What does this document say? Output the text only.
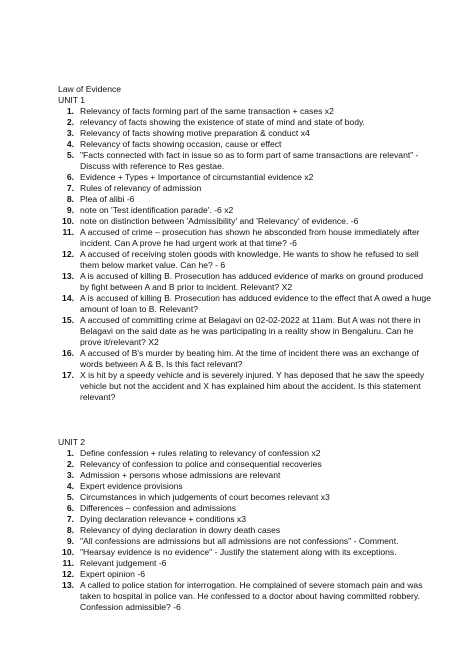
Law of Evidence
UNIT 1
1. Relevancy of facts forming part of the same transaction + cases x2
2. relevancy of facts showing the existence of state of mind and state of body.
3. Relevancy of facts showing motive preparation & conduct x4
4. Relevancy of facts showing occasion, cause or effect
5. "Facts connected with fact in issue so as to form part of same transactions are relevant" - Discuss with reference to Res gestae.
6. Evidence + Types + Importance of circumstantial evidence x2
7. Rules of relevancy of admission
8. Plea of alibi -6
9. note on 'Test identification parade'. -6 x2
10. note on distinction between 'Admissibility' and 'Relevancy' of evidence. -6
11. A accused of crime – prosecution has shown he absconded from house immediately after incident. Can A prove he had urgent work at that time? -6
12. A accused of receiving stolen goods with knowledge. He wants to show he refused to sell them below market value. Can he? - 6
13. A is accused of killing B. Prosecution has adduced evidence of marks on ground produced by fight between A and B prior to incident. Relevant? X2
14. A is accused of killing B. Prosecution has adduced evidence to the effect that A owed a huge amount of loan to B. Relevant?
15. A accused of committing crime at Belagavi on 02-02-2022 at 11am. But A was not there in Belagavi on the said date as he was participating in a reality show in Bengaluru. Can he prove it/relevant? X2
16. A accused of B's murder by beating him. At the time of incident there was an exchange of words between A & B. Is this fact relevant?
17. X is hit by a speedy vehicle and is severely injured. Y has deposed that he saw the speedy vehicle but not the accident and X has explained him about the accident. Is this statement relevant?
UNIT 2
1. Define confession + rules relating to relevancy of confession x2
2. Relevancy of confession to police and consequential recoveries
3. Admission + persons whose admissions are relevant
4. Expert evidence provisions
5. Circumstances in which judgements of court becomes relevant x3
6. Differences – confession and admissions
7. Dying declaration relevance + conditions x3
8. Relevancy of dying declaration in dowry death cases
9. "All confessions are admissions but all admissions are not confessions" - Comment.
10. "Hearsay evidence is no evidence" - Justify the statement along with its exceptions.
11. Relevant judgement -6
12. Expert opinion -6
13. A called to police station for interrogation. He complained of severe stomach pain and was taken to hospital in police van. He confessed to a doctor about having committed robbery. Confession admissible? -6
